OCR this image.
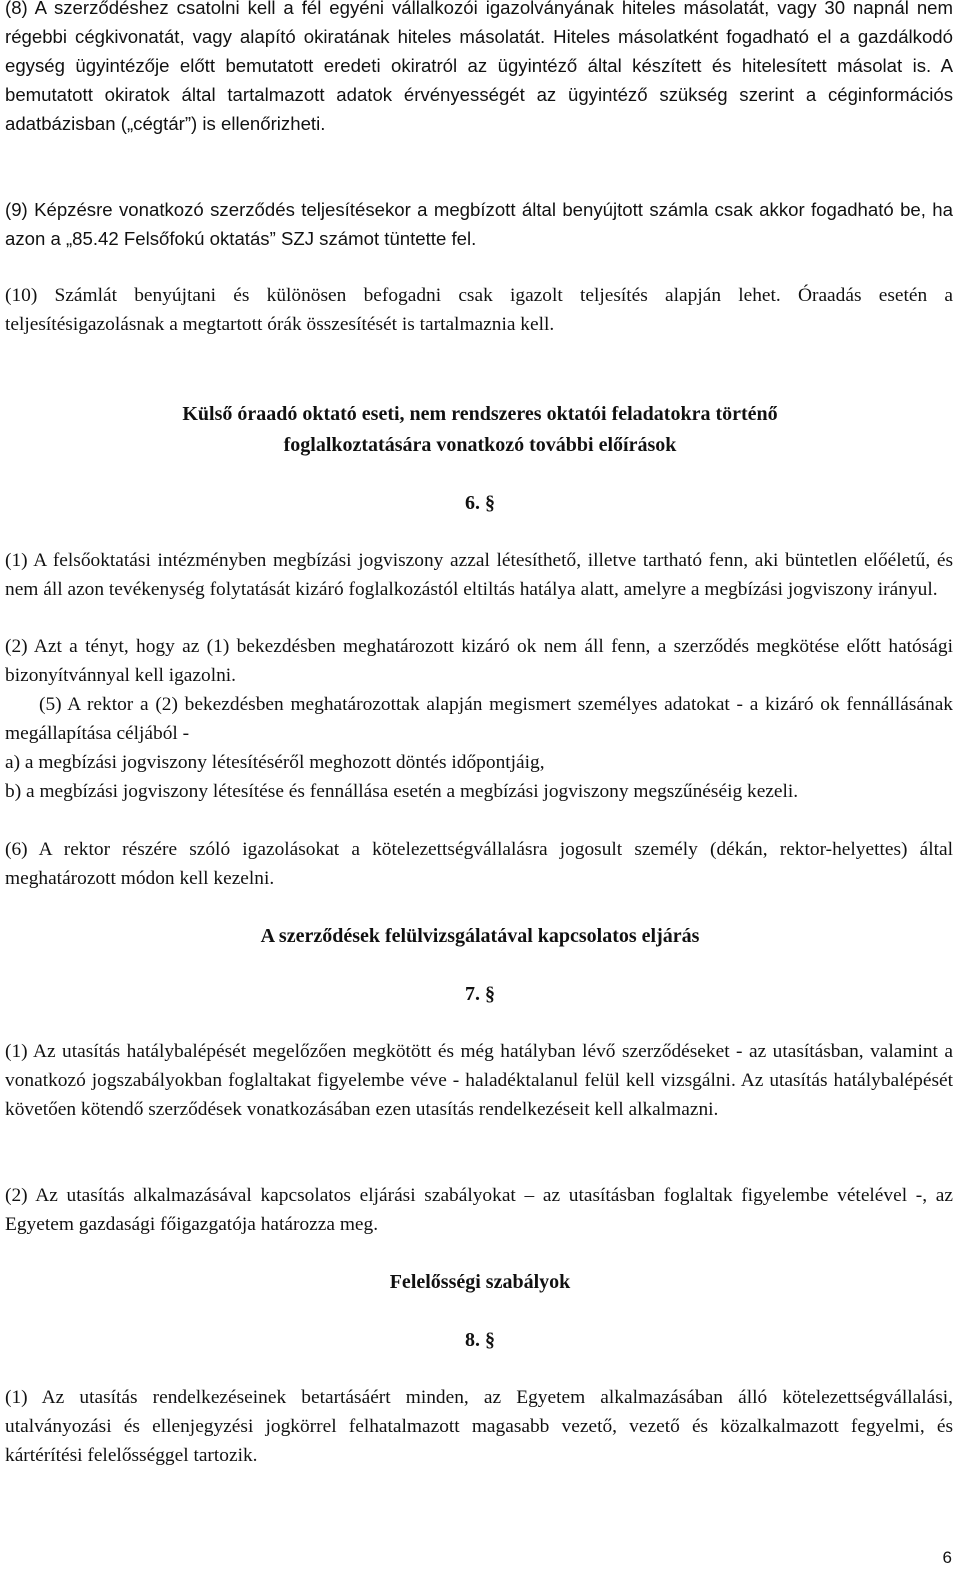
(8) A szerződéshez csatolni kell a fél egyéni vállalkozói igazolványának hiteles másolatát, vagy 30 napnál nem régebbi cégkivonatát, vagy alapító okiratának hiteles másolatát. Hiteles másolatként fogadható el a gazdálkodó egység ügyintézője előtt bemutatott eredeti okiratról az ügyintéző által készített és hitelesített másolat is. A bemutatott okiratok által tartalmazott adatok érvényességét az ügyintéző szükség szerint a céginformációs adatbázisban („cégtár”) is ellenőrizheti.

(9) Képzésre vonatkozó szerződés teljesítésekor a megbízott által benyújtott számla csak akkor fogadható be, ha azon a „85.42 Felsőfokú oktatás” SZJ számot tüntette fel.

(10) Számlát benyújtani és különösen befogadni csak igazolt teljesítés alapján lehet. Óraadás esetén a teljesítésigazolásnak a megtartott órák összesítését is tartalmaznia kell.

Külső óraadó oktató eseti, nem rendszeres oktatói feladatokra történő
foglalkoztatására vonatkozó további előírások
6. §

(1) A felsőoktatási intézményben megbízási jogviszony azzal létesíthető, illetve tartható fenn, aki büntetlen előéletű, és nem áll azon tevékenység folytatását kizáró foglalkozástól eltiltás hatálya alatt, amelyre a megbízási jogviszony irányul.

(2) Azt a tényt, hogy az (1) bekezdésben meghatározott kizáró ok nem áll fenn, a szerződés megkötése előtt hatósági bizonyítvánnyal kell igazolni.

(5) A rektor a (2) bekezdésben meghatározottak alapján megismert személyes adatokat - a kizáró ok fennállásának megállapítása céljából -

a) a megbízási jogviszony létesítéséről meghozott döntés időpontjáig,

b) a megbízási jogviszony létesítése és fennállása esetén a megbízási jogviszony megszűnéséig kezeli.

(6) A rektor részére szóló igazolásokat a kötelezettségvállalásra jogosult személy (dékán, rektor-helyettes) által meghatározott módon kell kezelni.

A szerződések felülvizsgálatával kapcsolatos eljárás
7. §

(1) Az utasítás hatálybalépését megelőzően megkötött és még hatályban lévő szerződéseket - az utasításban, valamint a vonatkozó jogszabályokban foglaltakat figyelembe véve - haladéktalanul felül kell vizsgálni. Az utasítás hatálybalépését követően kötendő szerződések vonatkozásában ezen utasítás rendelkezéseit kell alkalmazni.

(2) Az utasítás alkalmazásával kapcsolatos eljárási szabályokat – az utasításban foglaltak figyelembe vételével -, az Egyetem gazdasági főigazgatója határozza meg.

Felelősségi szabályok
8. §

(1) Az utasítás rendelkezéseinek betartásáért minden, az Egyetem alkalmazásában álló kötelezettségvállalási, utalványozási és ellenjegyzési jogkörrel felhatalmazott magasabb vezető, vezető és közalkalmazott fegyelmi, és kártérítési felelősséggel tartozik.

6
